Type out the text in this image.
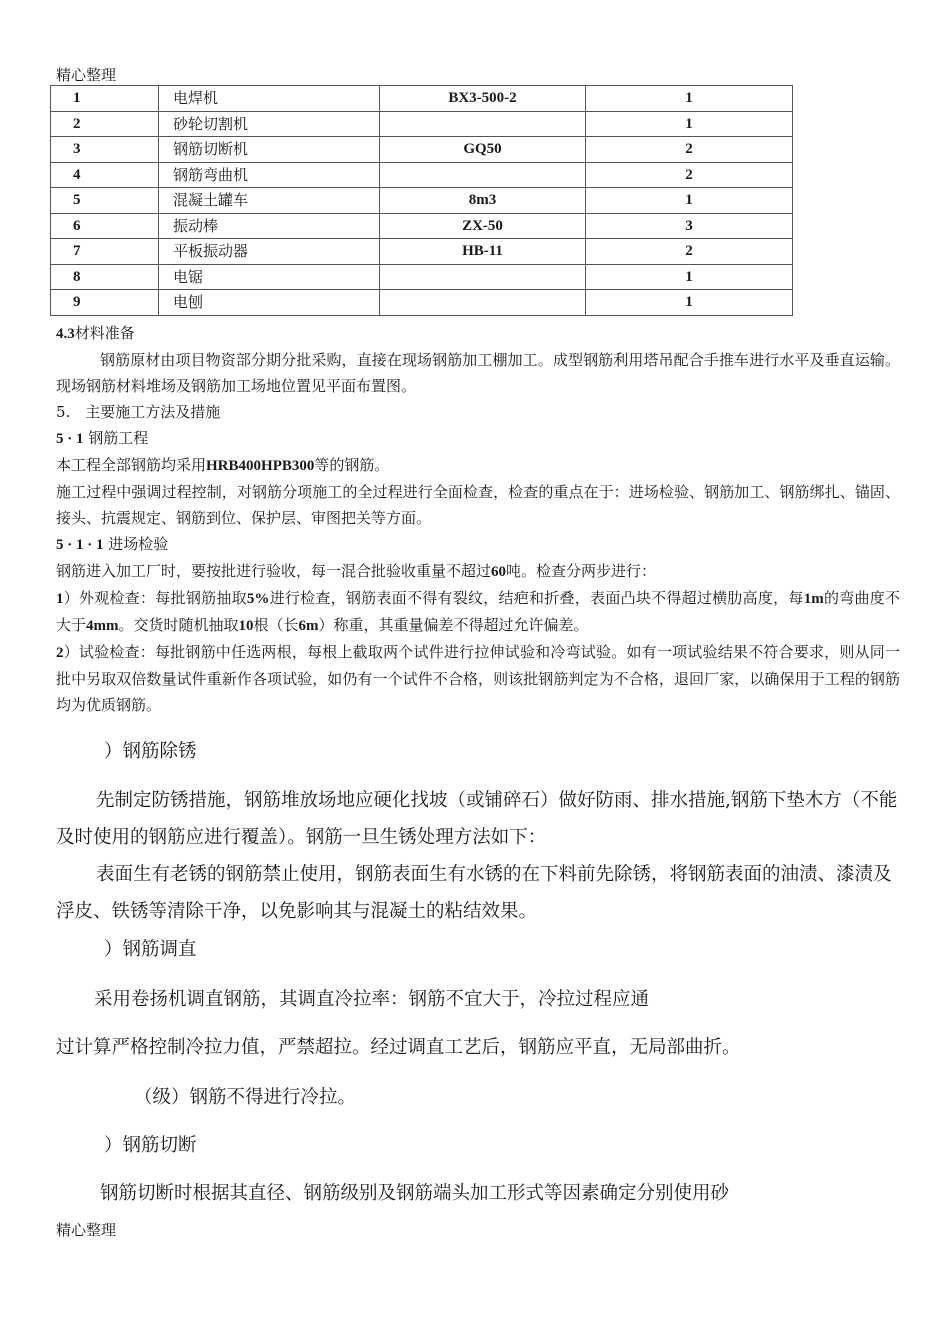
精心整理
1	电焊机	BX3-500-2	1
2	砂轮切割机		1
3	钢筋切断机	GQ50	2
4	钢筋弯曲机		2
5	混凝土罐车	8m3	1
6	振动棒	ZX-50	3
7	平板振动器	HB-11	2
8	电锯		1
9	电刨		1

4.3材料准备

钢筋原材由项目物资部分期分批采购，直接在现场钢筋加工棚加工。成型钢筋利用塔吊配合手推车进行水平及垂直运输。现场钢筋材料堆场及钢筋加工场地位置见平面布置图。

5.　主要施工方法及措施

5 · 1 钢筋工程

本工程全部钢筋均采用HRB400HPB300等的钢筋。

施工过程中强调过程控制，对钢筋分项施工的全过程进行全面检查，检查的重点在于：进场检验、钢筋加工、钢筋绑扎、锚固、接头、抗震规定、钢筋到位、保护层、审图把关等方面。

5 · 1 · 1 进场检验

钢筋进入加工厂时，要按批进行验收，每一混合批验收重量不超过60吨。检查分两步进行：

1）外观检查：每批钢筋抽取5%进行检查，钢筋表面不得有裂纹，结疤和折叠，表面凸块不得超过横肋高度，每1m的弯曲度不大于4mm。交货时随机抽取10根（长6m）称重，其重量偏差不得超过允许偏差。

2）试验检查：每批钢筋中任选两根，每根上截取两个试件进行拉伸试验和冷弯试验。如有一项试验结果不符合要求，则从同一批中另取双倍数量试件重新作各项试验，如仍有一个试件不合格，则该批钢筋判定为不合格，退回厂家，以确保用于工程的钢筋均为优质钢筋。

）钢筋除锈

先制定防锈措施，钢筋堆放场地应硬化找坡（或铺碎石）做好防雨、排水措施,钢筋下垫木方（不能及时使用的钢筋应进行覆盖）。钢筋一旦生锈处理方法如下：

表面生有老锈的钢筋禁止使用，钢筋表面生有水锈的在下料前先除锈，将钢筋表面的油渍、漆渍及浮皮、铁锈等清除干净，以免影响其与混凝土的粘结效果。

）钢筋调直

采用卷扬机调直钢筋，其调直冷拉率：钢筋不宜大于，冷拉过程应通

过计算严格控制冷拉力值，严禁超拉。经过调直工艺后，钢筋应平直，无局部曲折。

（级）钢筋不得进行冷拉。

）钢筋切断

钢筋切断时根据其直径、钢筋级别及钢筋端头加工形式等因素确定分别使用砂

精心整理
